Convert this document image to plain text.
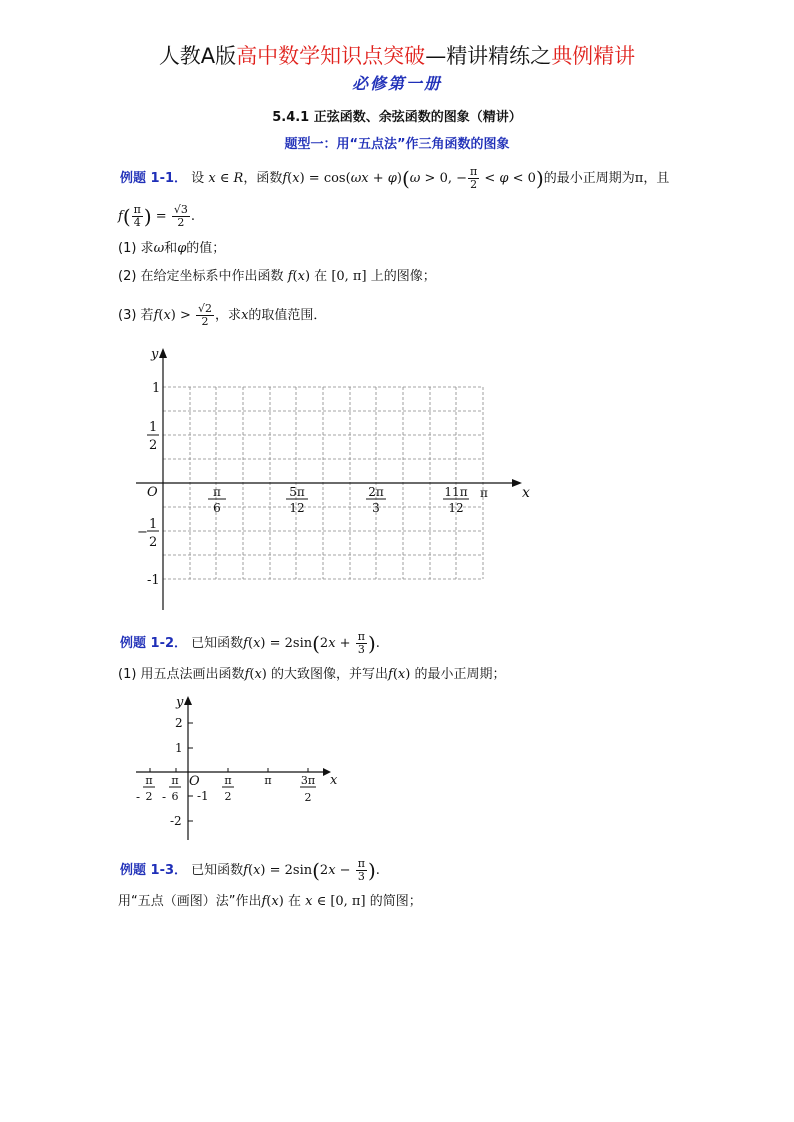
人教A版高中数学知识点突破—精讲精练之典例精讲
必修第一册
5.4.1 正弦函数、余弦函数的图象（精讲）
题型一：用“五点法”作三角函数的图象
例题 1-1． 设 x ∈ R，函数f(x) = cos(ωx + φ)(ω > 0, − $\frac{\pi}{2} < \varphi < 0$)的最小正周期为π，且
$f( \frac{\pi}{4}$ ) = $\frac{√3}{2}$ .
(1) 求ω和φ的值；
(2) 在给定坐标系中作出函数 f(x) 在 [0, π] 上的图像；
(3) 若$f(x) > \frac{√2}{2}$ ，求x的取值范围．
x
y
O
1
1
2
−
1
2
-1
π
6
5π
12
2π
3
11π
12
π
例题 1-2． 已知函数$f(x) = 2\sin(2x + \frac{\pi}{3}$ ).
(1) 用五点法画出函数f(x) 的大致图像，并写出f(x) 的最小正周期；
x
y
O
2
1
-1
-2
-
π
2 -
π
6
π
2
π	3π
2
例题 1-3． 已知函数$f(x) = 2\sin(2x - \frac{\pi}{3}$ ).
用“五点（画图）法”作出f(x) 在 x ∈ [0, π] 的简图；
